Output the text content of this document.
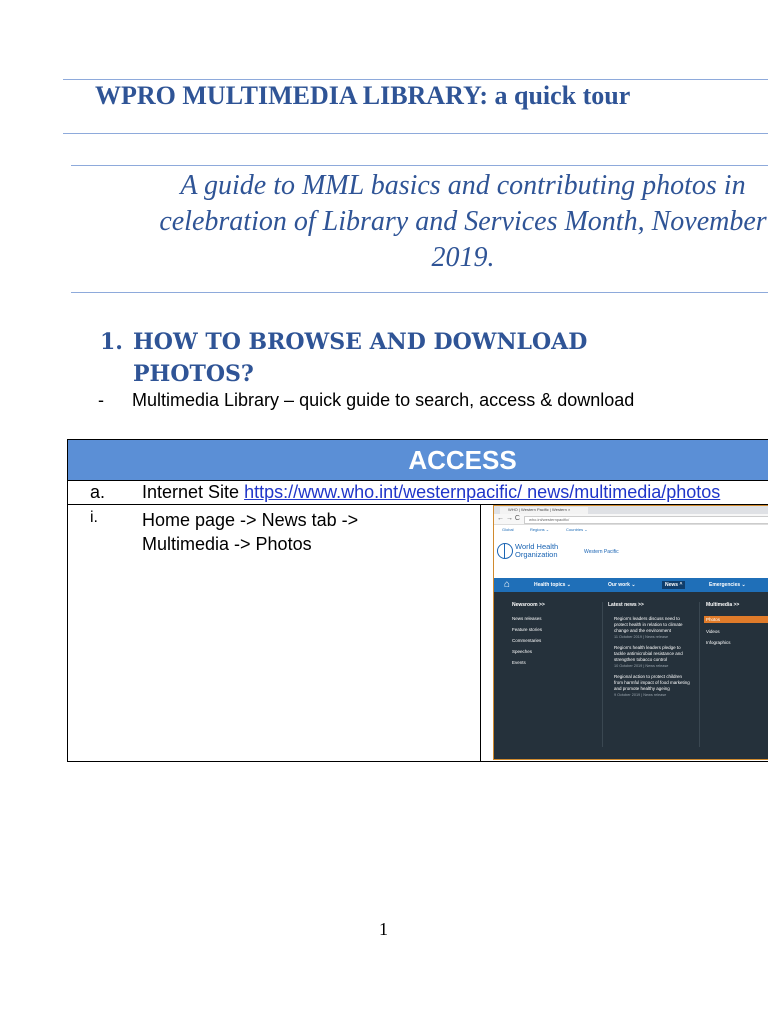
WPRO MULTIMEDIA LIBRARY: a quick tour
A guide to MML basics and contributing photos in
celebration of Library and Services Month, November
2019.
1. HOW TO BROWSE AND DOWNLOAD
PHOTOS?
- Multimedia Library – quick guide to search, access & download
ACCESS

a. Internet Site https://www.who.int/westernpacific/ news/multimedia/photos
i. Home page -> News tab ->
Multimedia -> Photos
WHO | Western Pacific | Western ×
← → C	who.int/westernpacific/
Global	Regions ⌄	Countries ⌄
World Health
Organization	Western Pacific
⌂	Health topics ⌄	Our work ⌄	News ^	Emergencies ⌄
Newsroom >>
News releases
Feature stories
Commentaries
Speeches
Events
Latest news >>
Region's leaders discuss need to protect health in relation to climate change and the environment
11 October 2019 | News release
Region's health leaders pledge to tackle antimicrobial resistance and strengthen tobacco control
10 October 2019 | News release
Regional action to protect children from harmful impact of food marketing and promote healthy ageing
9 October 2019 | News release
Multimedia >>
Photos
Videos
Infographics
1
